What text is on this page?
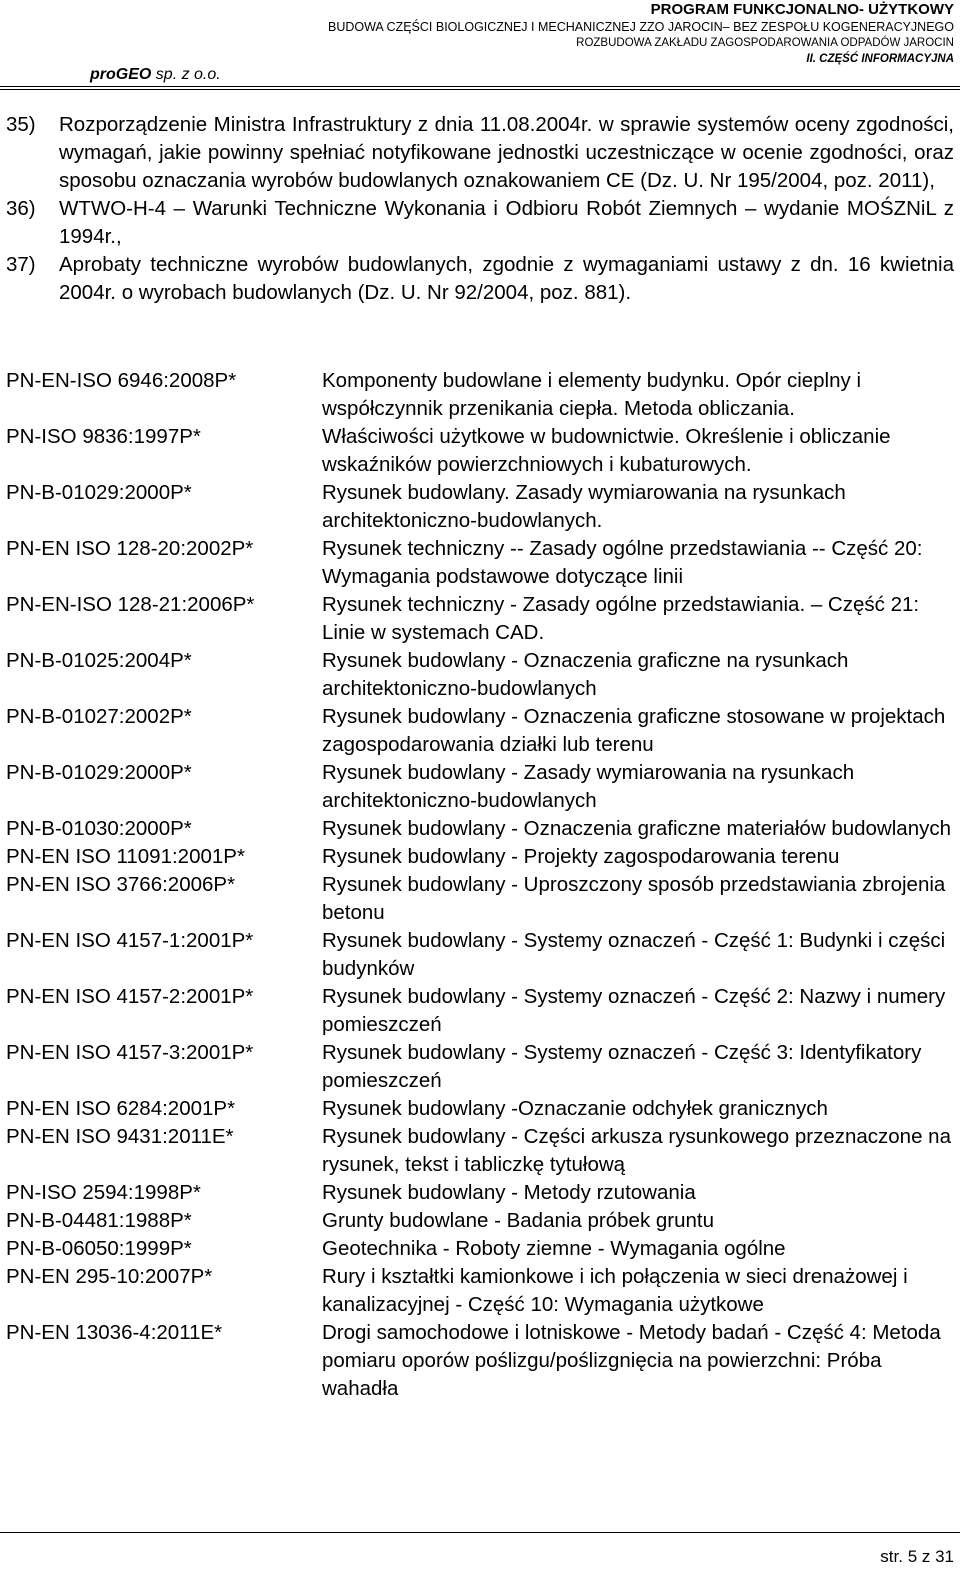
PROGRAM FUNKCJONALNO- UŻYTKOWY
BUDOWA CZĘŚCI BIOLOGICZNEJ I MECHANICZNEJ ZZO JAROCIN– BEZ ZESPOŁU KOGENERACYJNEGO
ROZBUDOWA ZAKŁADU ZAGOSPODAROWANIA ODPADÓW JAROCIN
II. CZĘŚĆ INFORMACYJNA
proGEO sp. z o.o.
35) Rozporządzenie Ministra Infrastruktury z dnia 11.08.2004r. w sprawie systemów oceny zgodności, wymagań, jakie powinny spełniać notyfikowane jednostki uczestniczące w ocenie zgodności, oraz sposobu oznaczania wyrobów budowlanych oznakowaniem CE (Dz. U. Nr 195/2004, poz. 2011),
36) WTWO-H-4 – Warunki Techniczne Wykonania i Odbioru Robót Ziemnych – wydanie MOŚZNiL z 1994r.,
37) Aprobaty techniczne wyrobów budowlanych, zgodnie z wymaganiami ustawy z dn. 16 kwietnia 2004r. o wyrobach budowlanych (Dz. U. Nr 92/2004, poz. 881).
PN-EN-ISO 6946:2008P*	Komponenty budowlane i elementy budynku. Opór cieplny i współczynnik przenikania ciepła. Metoda obliczania.
PN-ISO 9836:1997P*	Właściwości użytkowe w budownictwie. Określenie i obliczanie wskaźników powierzchniowych i kubaturowych.
PN-B-01029:2000P*	Rysunek budowlany. Zasady wymiarowania na rysunkach architektoniczno-budowlanych.
PN-EN ISO 128-20:2002P*	Rysunek techniczny -- Zasady ogólne przedstawiania -- Część 20: Wymagania podstawowe dotyczące linii
PN-EN-ISO 128-21:2006P*	Rysunek techniczny - Zasady ogólne przedstawiania. – Część 21: Linie w systemach CAD.
PN-B-01025:2004P*	Rysunek budowlany - Oznaczenia graficzne na rysunkach architektoniczno-budowlanych
PN-B-01027:2002P*	Rysunek budowlany - Oznaczenia graficzne stosowane w projektach zagospodarowania działki lub terenu
PN-B-01029:2000P*	Rysunek budowlany - Zasady wymiarowania na rysunkach architektoniczno-budowlanych
PN-B-01030:2000P*	Rysunek budowlany - Oznaczenia graficzne materiałów budowlanych
PN-EN ISO 11091:2001P*	Rysunek budowlany - Projekty zagospodarowania terenu
PN-EN ISO 3766:2006P*	Rysunek budowlany - Uproszczony sposób przedstawiania zbrojenia betonu
PN-EN ISO 4157-1:2001P*	Rysunek budowlany - Systemy oznaczeń - Część 1: Budynki i części budynków
PN-EN ISO 4157-2:2001P*	Rysunek budowlany - Systemy oznaczeń - Część 2: Nazwy i numery pomieszczeń
PN-EN ISO 4157-3:2001P*	Rysunek budowlany - Systemy oznaczeń - Część 3: Identyfikatory pomieszczeń
PN-EN ISO 6284:2001P*	Rysunek budowlany -Oznaczanie odchyłek granicznych
PN-EN ISO 9431:2011E*	Rysunek budowlany - Części arkusza rysunkowego przeznaczone na rysunek, tekst i tabliczkę tytułową
PN-ISO 2594:1998P*	Rysunek budowlany - Metody rzutowania
PN-B-04481:1988P*	Grunty budowlane - Badania próbek gruntu
PN-B-06050:1999P*	Geotechnika - Roboty ziemne - Wymagania ogólne
PN-EN 295-10:2007P*	Rury i kształtki kamionkowe i ich połączenia w sieci drenażowej i kanalizacyjnej - Część 10: Wymagania użytkowe
PN-EN 13036-4:2011E*	Drogi samochodowe i lotniskowe - Metody badań - Część 4: Metoda pomiaru oporów poślizgu/poślizgnięcia na powierzchni: Próba wahadła
str. 5 z 31
